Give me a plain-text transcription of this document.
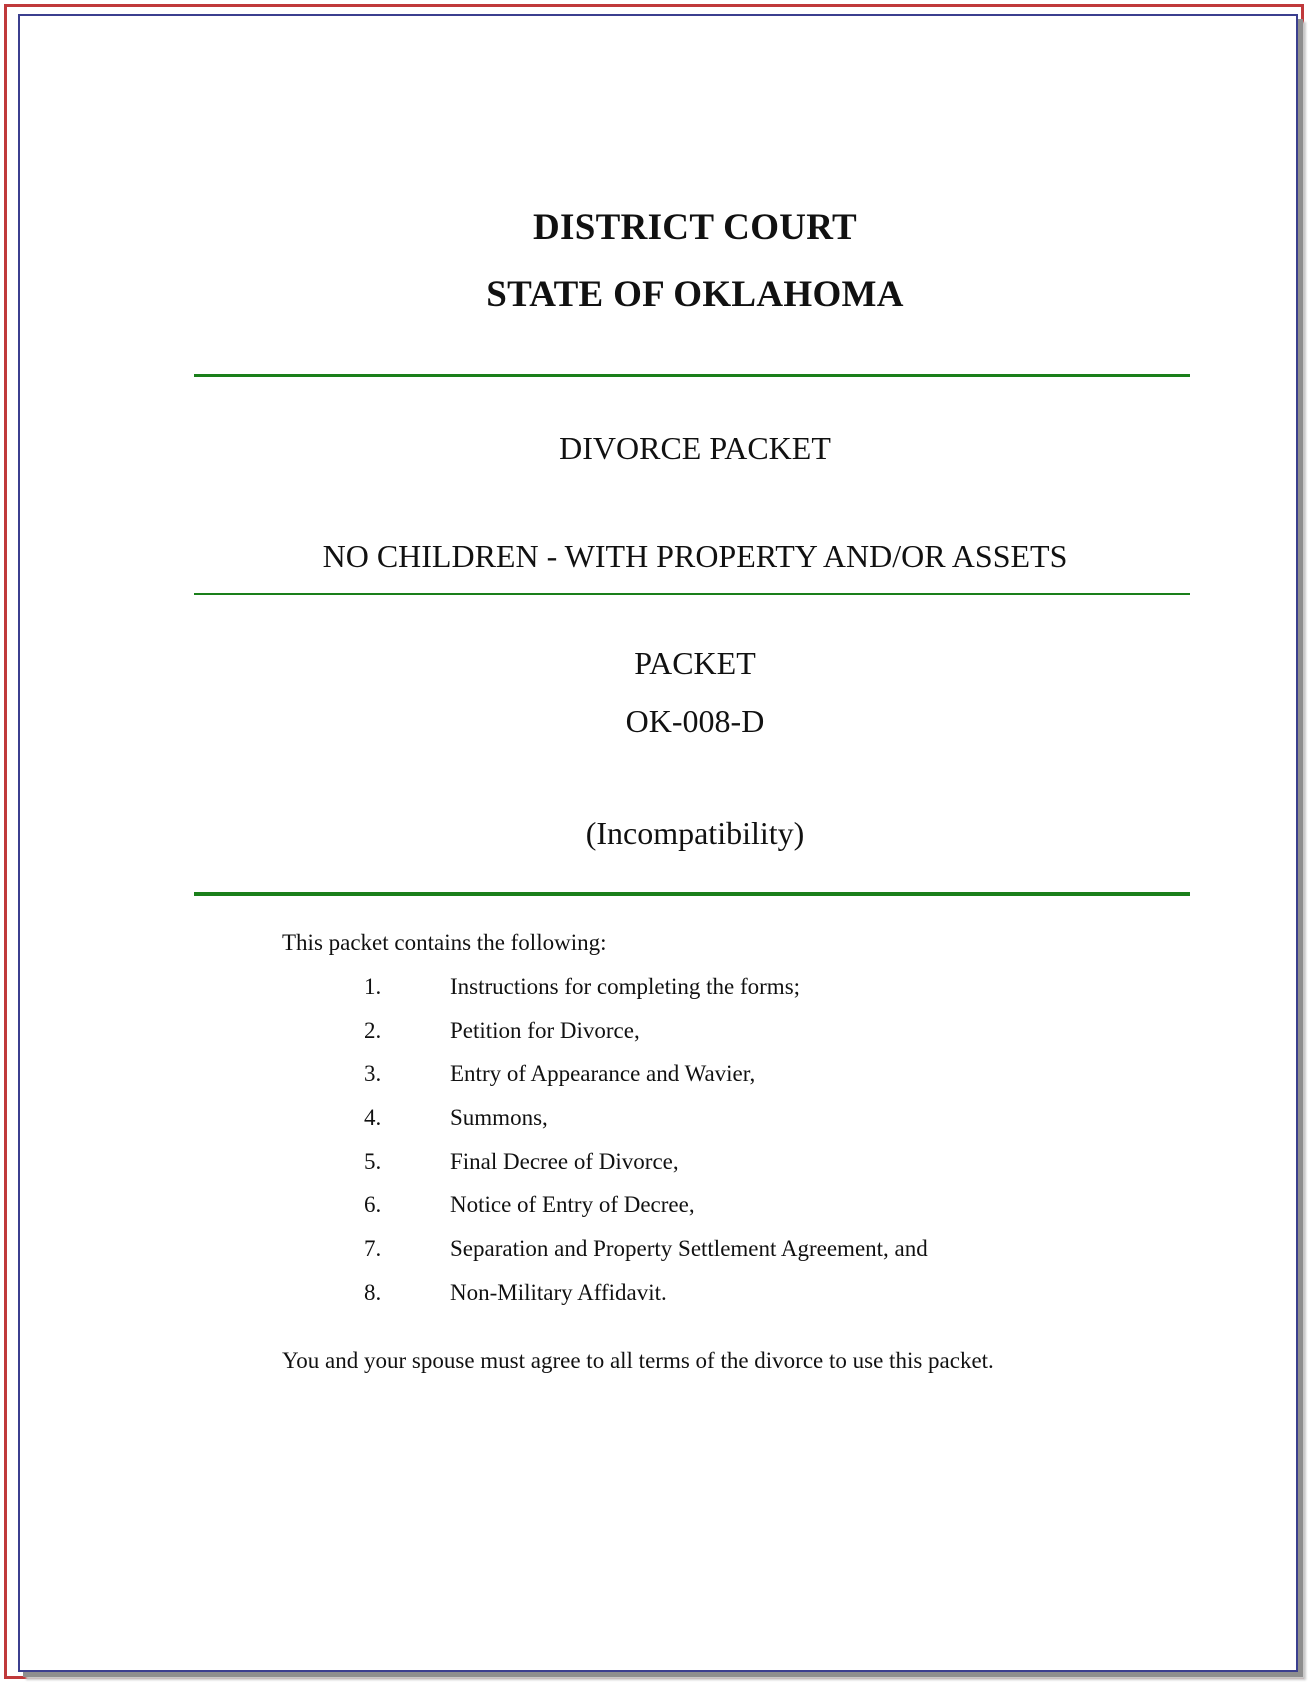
DISTRICT COURT
STATE OF OKLAHOMA
DIVORCE PACKET
NO CHILDREN - WITH PROPERTY AND/OR ASSETS
PACKET
OK-008-D
(Incompatibility)
This packet contains the following:
1.	Instructions for completing the forms;
2.	Petition for Divorce,
3.	Entry of Appearance and Wavier,
4.	Summons,
5.	Final Decree of Divorce,
6.	Notice of Entry of Decree,
7.	Separation and Property Settlement Agreement, and
8.	Non-Military Affidavit.
You and your spouse must agree to all terms of the divorce to use this packet.
